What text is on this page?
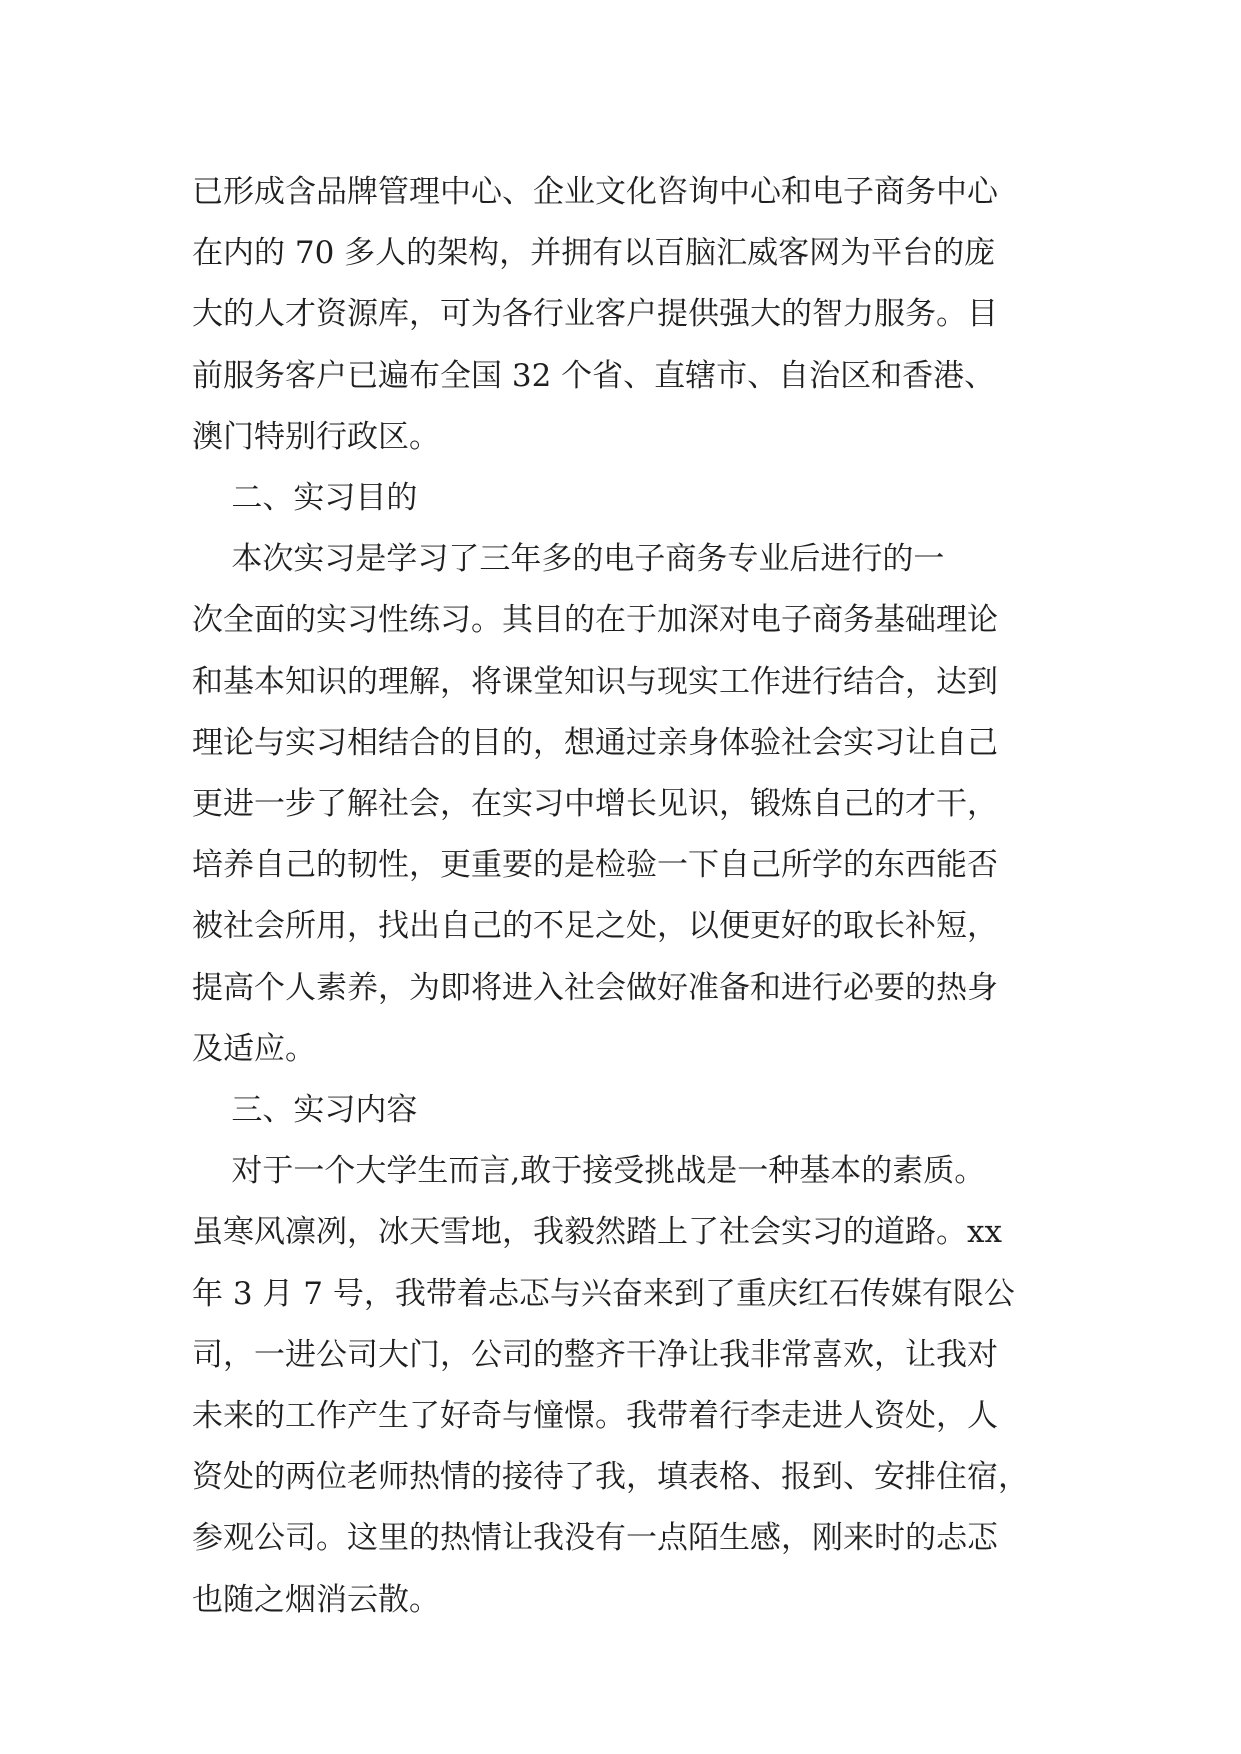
已形成含品牌管理中心、企业文化咨询中心和电子商务中心

在内的 70 多人的架构，并拥有以百脑汇威客网为平台的庞

大的人才资源库，可为各行业客户提供强大的智力服务。目

前服务客户已遍布全国 32 个省、直辖市、自治区和香港、

澳门特别行政区。

二、实习目的

本次实习是学习了三年多的电子商务专业后进行的一

次全面的实习性练习。其目的在于加深对电子商务基础理论

和基本知识的理解，将课堂知识与现实工作进行结合，达到

理论与实习相结合的目的，想通过亲身体验社会实习让自己

更进一步了解社会，在实习中增长见识，锻炼自己的才干，

培养自己的韧性，更重要的是检验一下自己所学的东西能否

被社会所用，找出自己的不足之处，以便更好的取长补短，

提高个人素养，为即将进入社会做好准备和进行必要的热身

及适应。

三、实习内容

对于一个大学生而言,敢于接受挑战是一种基本的素质。

虽寒风凛冽，冰天雪地，我毅然踏上了社会实习的道路。xx

年 3 月 7 号，我带着忐忑与兴奋来到了重庆红石传媒有限公

司，一进公司大门，公司的整齐干净让我非常喜欢，让我对

未来的工作产生了好奇与憧憬。我带着行李走进人资处，人

资处的两位老师热情的接待了我，填表格、报到、安排住宿，

参观公司。这里的热情让我没有一点陌生感，刚来时的忐忑

也随之烟消云散。
